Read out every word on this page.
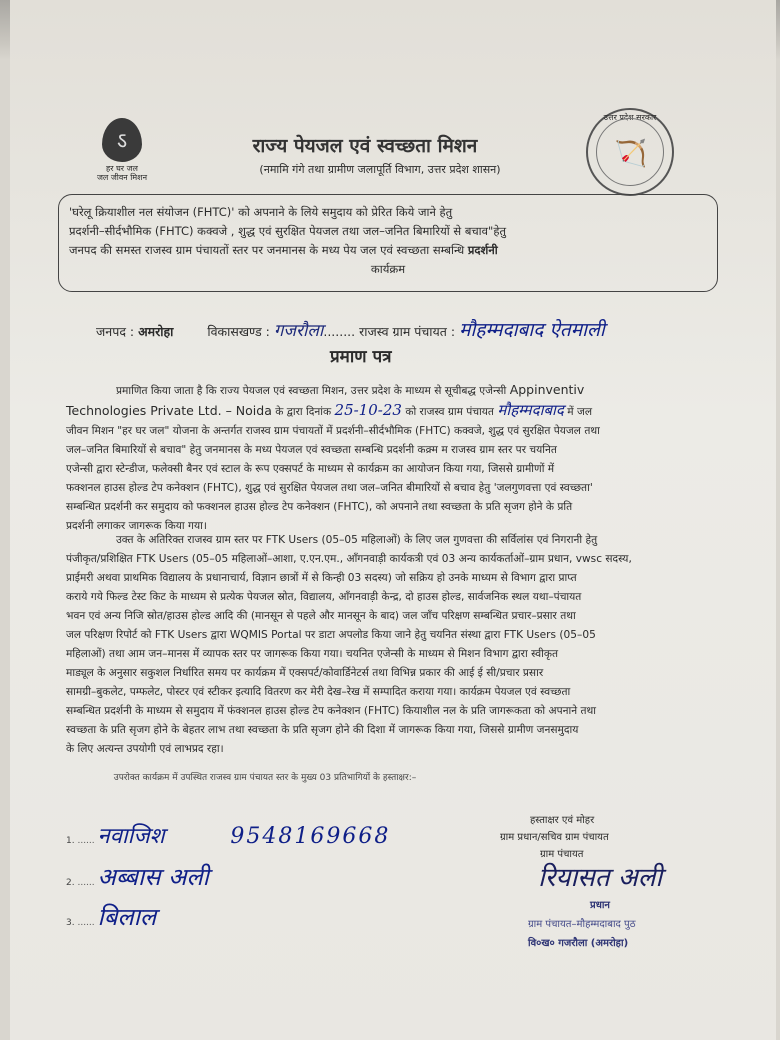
ऽ
हर घर जल
जल जीवन मिशन
उत्तर प्रदेश सरकार
🏹
राज्य पेयजल एवं स्वच्छता मिशन
(नमामि गंगे तथा ग्रामीण जलापूर्ति विभाग, उत्तर प्रदेश शासन)
'घरेलू क्रियाशील नल संयोजन (FHTC)' को अपनाने के लिये समुदाय को प्रेरित किये जाने हेतु
प्रदर्शनी–सीर्दभौमिक (FHTC) कक्वजे , शुद्ध एवं सुरक्षित पेयजल तथा जल–जनित बिमारियों से बचाव"हेतु
जनपद की समस्त राजस्व ग्राम पंचायतों स्तर पर जनमानस के मध्य पेय जल एवं स्वच्छता सम्बन्धि प्रदर्शनी
कार्यक्रम
जनपद : अमरोहा	विकासखण्ड : गजरौला........ राजस्व ग्राम पंचायत : मौहम्मदाबाद ऐतमाली
प्रमाण पत्र
प्रमाणित किया जाता है कि राज्य पेयजल एवं स्वच्छता मिशन, उत्तर प्रदेश के माध्यम से सूचीबद्ध एजेन्सी Appinventiv
Technologies Private Ltd. – Noida के द्वारा दिनांक 25-10-23 को राजस्व ग्राम पंचायत मौहम्मदाबाद में जल
जीवन मिशन "हर घर जल" योजना के अन्तर्गत राजस्व ग्राम पंचायतों में प्रदर्शनी–सीर्दभौमिक (FHTC) कक्वजे, शुद्ध एवं सुरक्षित पेयजल तथा
जल–जनित बिमारियों से बचाव" हेतु जनमानस के मध्य पेयजल एवं स्वच्छता सम्बन्धि प्रदर्शनी कक्र्म म राजस्व ग्राम स्तर पर चयनित
एजेन्सी द्वारा स्टेन्डीज, फलेक्सी बैनर एवं स्टाल के रूप एक्सपर्ट के माध्यम से कार्यक्रम का आयोजन किया गया, जिससे ग्रामीणों में
फक्शनल हाउस होल्ड टेप कनेक्शन (FHTC), शुद्ध एवं सुरक्षित पेयजल तथा जल–जनित बीमारियों से बचाव हेतु 'जलगुणवत्ता एवं स्वच्छता'
सम्बन्धित प्रदर्शनी कर समुदाय को फक्शनल हाउस होल्ड टेप कनेक्शन (FHTC), को अपनाने तथा स्वच्छता के प्रति सृजग होने के प्रति
प्रदर्शनी लगाकर जागरूक किया गया।
उक्त के अतिरिक्त राजस्व ग्राम स्तर पर FTK Users (05–05 महिलाओं) के लिए जल गुणवत्ता की सर्विलांस एवं निगरानी हेतु
पंजीकृत/प्रशिक्षित FTK Users (05–05 महिलाओं–आशा, ए.एन.एम., आँगनवाड़ी कार्यकत्री एवं 03 अन्य कार्यकर्ताओं–ग्राम प्रधान, vwsc सदस्य,
प्राईमरी अथवा प्राथमिक विद्यालय के प्रधानाचार्य, विज्ञान छात्रों में से किन्ही 03 सदस्य) जो सक्रिय हो उनके माध्यम से विभाग द्वारा प्राप्त
कराये गये फिल्ड टेस्ट किट के माध्यम से प्रत्येक पेयजल स्रोत, विद्यालय, आँगनवाड़ी केन्द्र, दो हाउस होल्ड, सार्वजनिक स्थल यथा–पंचायत
भवन एवं अन्य निजि स्रोत/हाउस होल्ड आदि की (मानसून से पहले और मानसून के बाद) जल जाँच परिक्षण सम्बन्धित प्रचार–प्रसार तथा
जल परिक्षण रिपोर्ट को FTK Users द्वारा WQMIS Portal पर डाटा अपलोड किया जाने हेतु चयनित संस्था द्वारा FTK Users (05–05
महिलाओं) तथा आम जन–मानस में व्यापक स्तर पर जागरूक किया गया। चयनित एजेन्सी के माध्यम से मिशन विभाग द्वारा स्वीकृत
माड्यूल के अनुसार सकुशल निर्धारित समय पर कार्यक्रम में एक्सपर्ट/कोवार्डिनेटर्स तथा विभिन्न प्रकार की आई ई सी/प्रचार प्रसार
सामग्री–बुकलेट, पम्फलेट, पोस्टर एवं स्टीकर इत्यादि वितरण कर मेरी देख–रेख में सम्पादित कराया गया। कार्यक्रम पेयजल एवं स्वच्छता
सम्बन्धित प्रदर्शनी के माध्यम से समुदाय में फंक्शनल हाउस होल्ड टेप कनेक्शन (FHTC) कियाशील नल के प्रति जागरूकता को अपनाने तथा
स्वच्छता के प्रति सृजग होने के बेहतर लाभ तथा स्वच्छता के प्रति सृजग होने की दिशा में जागरूक किया गया, जिससे ग्रामीण जनसमुदाय
के लिए अत्यन्त उपयोगी एवं लाभप्रद रहा।
उपरोक्त कार्यक्रम में उपस्थित राजस्व ग्राम पंचायत स्तर के मुख्य 03 प्रतिभागियों के हस्ताक्षर:–
1. ...... नवाजिश	9548169668
2. ...... अब्बास अली
3. ...... बिलाल
हस्ताक्षर एवं मोहर
ग्राम प्रधान/सचिव ग्राम पंचायत
ग्राम पंचायत
रियासत अली
प्रधान
ग्राम पंचायत–मौहम्मदाबाद पुठ
वि०ख० गजरौला (अमरोहा)
